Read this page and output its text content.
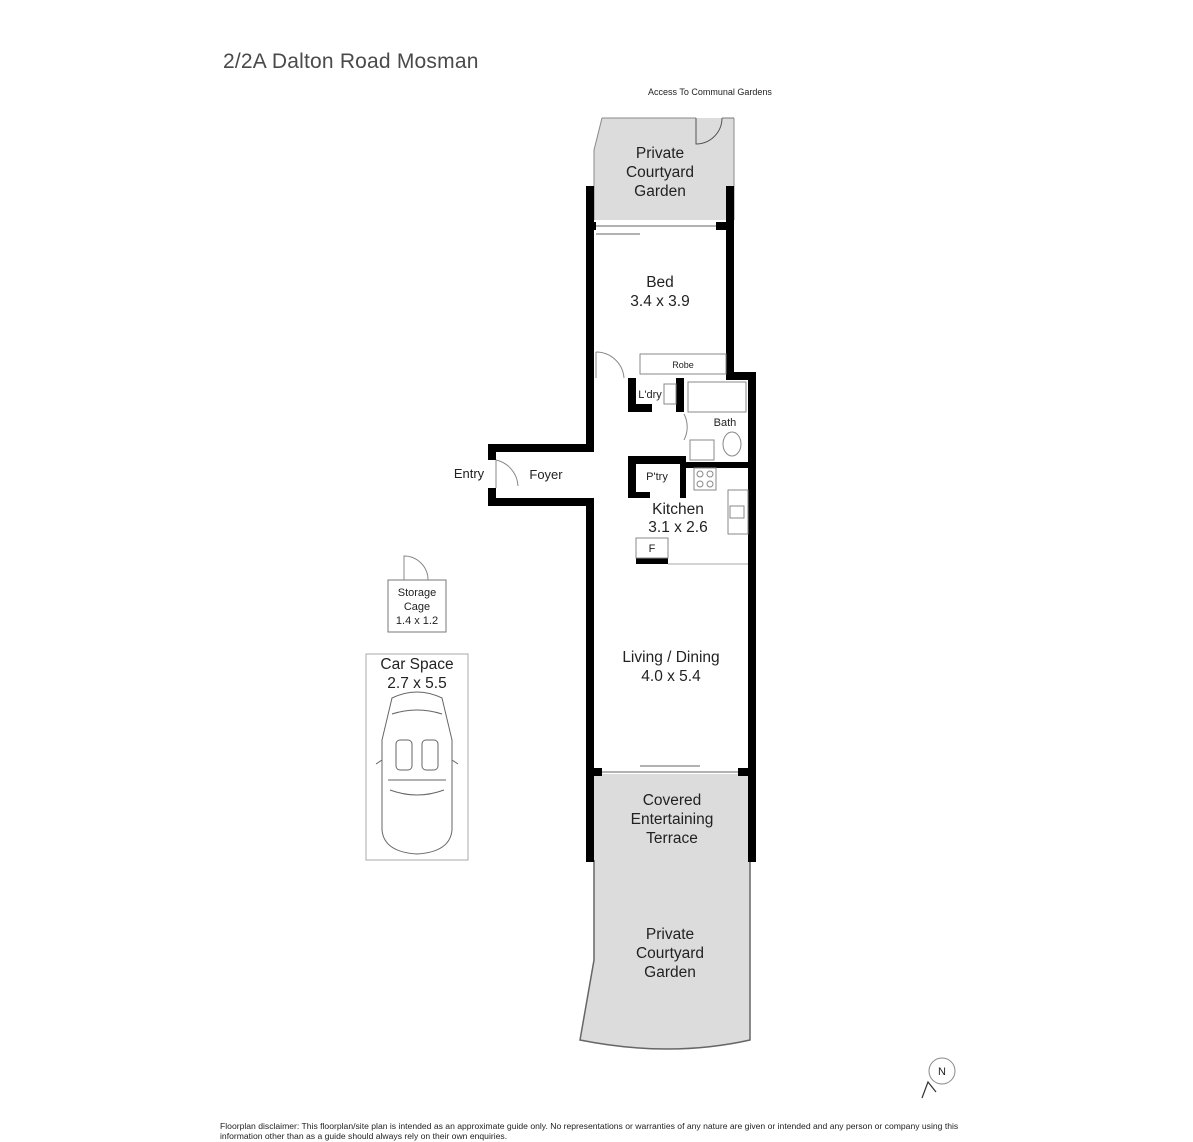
2/2A Dalton Road Mosman
Access To Communal Gardens
Private
Courtyard
Garden
Bed
3.4 x 3.9
Robe
L'dry
Bath
Entry	Foyer	P'try
Kitchen
3.1 x 2.6
F
Living / Dining
4.0 x 5.4
Covered
Entertaining
Terrace
Private
Courtyard
Garden
Storage
Cage
1.4 x 1.2
Car Space
2.7 x 5.5
N
Floorplan disclaimer: This floorplan/site plan is intended as an approximate guide only. No representations or warranties of any nature are given or intended and any person or company using this information other than as a guide should always rely on their own enquiries.
